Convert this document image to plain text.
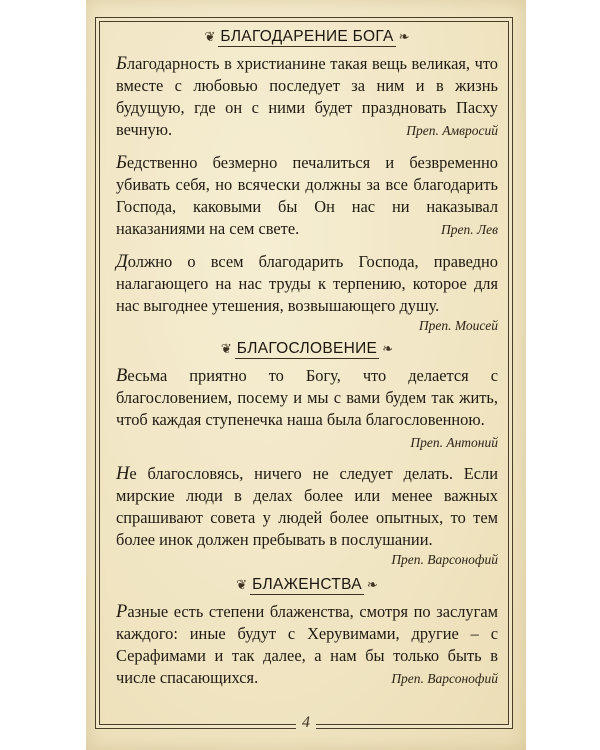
❦ БЛАГОДАРЕНИЕ БОГА ❧

Благодарность в христианине такая вещь великая, что вместе с любовью последует за ним и в жизнь будущую, где он с ними будет праздновать Пасху вечную.	Преп. Амвросий

Бедственно безмерно печалиться и безвременно убивать себя, но всячески должны за все благодарить Господа, каковыми бы Он нас ни наказывал наказаниями на сем свете.	Преп. Лев

Должно о всем благодарить Господа, праведно налагающего на нас труды к терпению, которое для нас выгоднее утешения, возвышающего душу.

Преп. Моисей

❦ БЛАГОСЛОВЕНИЕ ❧

Весьма приятно то Богу, что делается с благословением, посему и мы с вами будем так жить, чтоб каждая ступенечка наша была благословенною.
Преп. Антоний

Не благословясь, ничего не следует делать. Если мирские люди в делах более или менее важных спрашивают совета у людей более опытных, то тем более инок должен пребывать в послушании.

Преп. Варсонофий

❦ БЛАЖЕНСТВА ❧

Разные есть степени блаженства, смотря по заслугам каждого: иные будут с Херувимами, другие – с Серафимами и так далее, а нам бы только быть в числе спасающихся.	Преп. Варсонофий

4
